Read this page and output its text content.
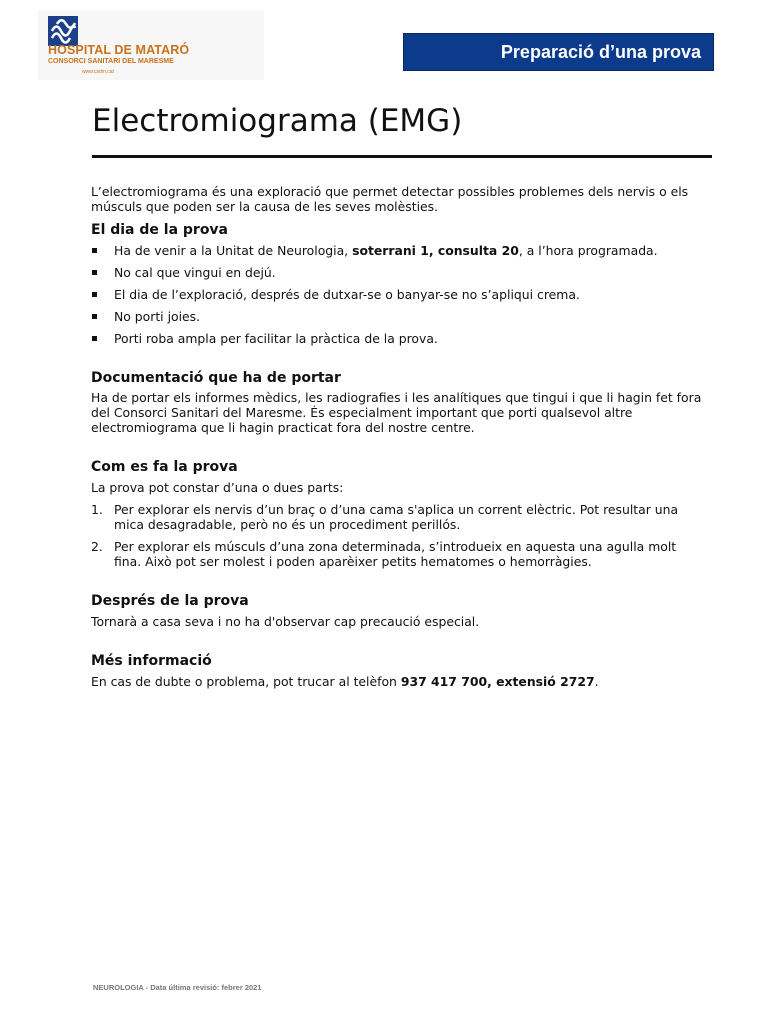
HOSPITAL DE MATARÓ
CONSORCI SANITARI DEL MARESME
www.csdm.cat
Preparació d’una prova
Electromiograma (EMG)

L’electromiograma és una exploració que permet detectar possibles problemes dels nervis o els músculs que poden ser la causa de les seves molèsties.

El dia de la prova
Ha de venir a la Unitat de Neurologia, soterrani 1, consulta 20, a l’hora programada.
No cal que vingui en dejú.
El dia de l’exploració, després de dutxar-se o banyar-se no s’apliqui crema.
No porti joies.
Porti roba ampla per facilitar la pràctica de la prova.
Documentació que ha de portar

Ha de portar els informes mèdics, les radiografies i les analítiques que tingui i que li hagin fet fora del Consorci Sanitari del Maresme. És especialment important que porti qualsevol altre electromiograma que li hagin practicat fora del nostre centre.

Com es fa la prova

La prova pot constar d’una o dues parts:

1. Per explorar els nervis d’un braç o d’una cama s'aplica un corrent elèctric. Pot resultar una mica desagradable, però no és un procediment perillós.
2. Per explorar els músculs d’una zona determinada, s’introdueix en aquesta una agulla molt fina. Això pot ser molest i poden aparèixer petits hematomes o hemorràgies.
Després de la prova

Tornarà a casa seva i no ha d'observar cap precaució especial.

Més informació

En cas de dubte o problema, pot trucar al telèfon 937 417 700, extensió 2727.

NEUROLOGIA - Data última revisió: febrer 2021
